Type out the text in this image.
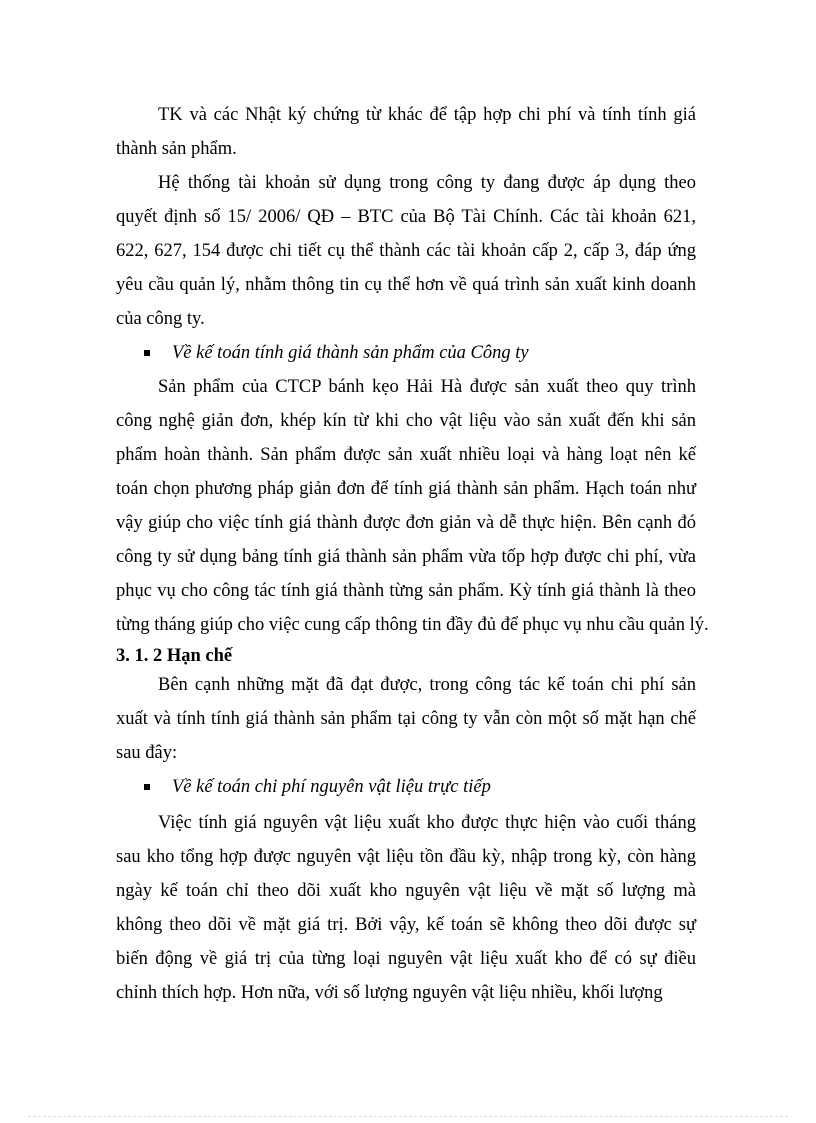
TK và các Nhật ký chứng từ khác để tập hợp chi phí và tính tính giá
thành sản phẩm.
Hệ thống tài khoản sử dụng trong công ty đang được áp dụng theo
quyết định số 15/ 2006/ QĐ – BTC của Bộ Tài Chính. Các tài khoản 621,
622, 627, 154 được chi tiết cụ thể thành các tài khoản cấp 2, cấp 3, đáp ứng
yêu cầu quản lý, nhằm thông tin cụ thể hơn về quá trình sản xuất kinh doanh
của công ty.
Về kế toán tính giá thành sản phẩm của Công ty
Sản phẩm của CTCP bánh kẹo Hải Hà được sản xuất theo quy trình
công nghệ giản đơn, khép kín từ khi cho vật liệu vào sản xuất đến khi sản
phẩm hoàn thành. Sản phẩm được sản xuất nhiều loại và hàng loạt nên kế
toán chọn phương pháp giản đơn để tính giá thành sản phẩm. Hạch toán như
vậy giúp cho việc tính giá thành được đơn giản và dễ thực hiện. Bên cạnh đó
công ty sử dụng bảng tính giá thành sản phẩm vừa tốp hợp được chi phí, vừa
phục vụ cho công tác tính giá thành từng sản phẩm. Kỳ tính giá thành là theo
từng tháng giúp cho việc cung cấp thông tin đầy đủ để phục vụ nhu cầu quản lý.
3. 1. 2 Hạn chế
Bên cạnh những mặt đã đạt được, trong công tác kế toán chi phí sản
xuất và tính tính giá thành sản phẩm tại công ty vẫn còn một số mặt hạn chế
sau đây:
Về kế toán chi phí nguyên vật liệu trực tiếp
Việc tính giá nguyên vật liệu xuất kho được thực hiện vào cuối tháng
sau kho tổng hợp được nguyên vật liệu tồn đầu kỳ, nhập trong kỳ, còn hàng
ngày kế toán chỉ theo dõi xuất kho nguyên vật liệu về mặt số lượng mà
không theo dõi về mặt giá trị. Bởi vậy, kế toán sẽ không theo dõi được sự
biến động về giá trị của từng loại nguyên vật liệu xuất kho để có sự điều
chỉnh thích hợp. Hơn nữa, với số lượng nguyên vật liệu nhiều, khối lượng
